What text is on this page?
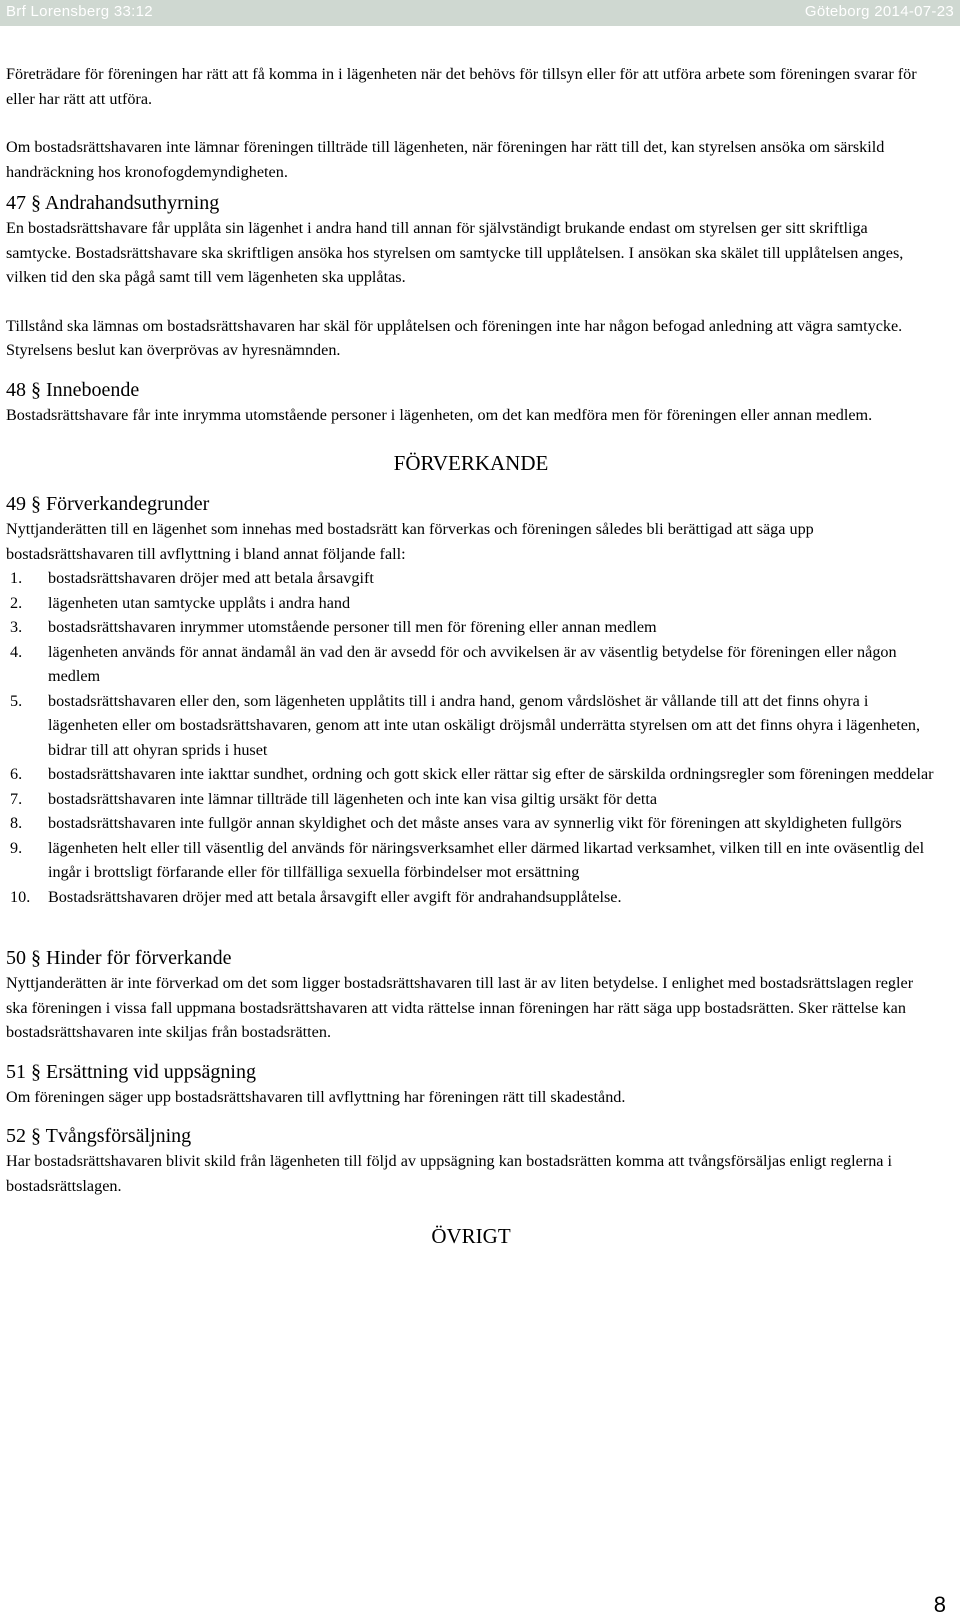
Brf Lorensberg 33:12	Göteborg 2014-07-23

Företrädare för föreningen har rätt att få komma in i lägenheten när det behövs för tillsyn eller för att utföra arbete som föreningen svarar för eller har rätt att utföra.

Om bostadsrättshavaren inte lämnar föreningen tillträde till lägenheten, när föreningen har rätt till det, kan styrelsen ansöka om särskild handräckning hos kronofogdemyndigheten.

47 § Andrahandsuthyrning

En bostadsrättshavare får upplåta sin lägenhet i andra hand till annan för självständigt brukande endast om styrelsen ger sitt skriftliga samtycke. Bostadsrättshavare ska skriftligen ansöka hos styrelsen om samtycke till upplåtelsen. I ansökan ska skälet till upplåtelsen anges, vilken tid den ska pågå samt till vem lägenheten ska upplåtas.

Tillstånd ska lämnas om bostadsrättshavaren har skäl för upplåtelsen och föreningen inte har någon befogad anledning att vägra samtycke. Styrelsens beslut kan överprövas av hyresnämnden.

48 § Inneboende

Bostadsrättshavare får inte inrymma utomstående personer i lägenheten, om det kan medföra men för föreningen eller annan medlem.

FÖRVERKANDE
49 § Förverkandegrunder

Nyttjanderätten till en lägenhet som innehas med bostadsrätt kan förverkas och föreningen således bli berättigad att säga upp bostadsrättshavaren till avflyttning i bland annat följande fall:

1.	bostadsrättshavaren dröjer med att betala årsavgift
2.	lägenheten utan samtycke upplåts i andra hand
3.	bostadsrättshavaren inrymmer utomstående personer till men för förening eller annan medlem
4.	lägenheten används för annat ändamål än vad den är avsedd för och avvikelsen är av väsentlig betydelse för föreningen eller någon medlem
5.	bostadsrättshavaren eller den, som lägenheten upplåtits till i andra hand, genom vårdslöshet är vållande till att det finns ohyra i lägenheten eller om bostadsrättshavaren, genom att inte utan oskäligt dröjsmål underrätta styrelsen om att det finns ohyra i lägenheten, bidrar till att ohyran sprids i huset
6.	bostadsrättshavaren inte iakttar sundhet, ordning och gott skick eller rättar sig efter de särskilda ordningsregler som föreningen meddelar
7.	bostadsrättshavaren inte lämnar tillträde till lägenheten och inte kan visa giltig ursäkt för detta
8.	bostadsrättshavaren inte fullgör annan skyldighet och det måste anses vara av synnerlig vikt för föreningen att skyldigheten fullgörs
9.	lägenheten helt eller till väsentlig del används för näringsverksamhet eller därmed likartad verksamhet, vilken till en inte oväsentlig del ingår i brottsligt förfarande eller för tillfälliga sexuella förbindelser mot ersättning
10.	Bostadsrättshavaren dröjer med att betala årsavgift eller avgift för andrahandsupplåtelse.
50 § Hinder för förverkande

Nyttjanderätten är inte förverkad om det som ligger bostadsrättshavaren till last är av liten betydelse. I enlighet med bostadsrättslagen regler ska föreningen i vissa fall uppmana bostadsrättshavaren att vidta rättelse innan föreningen har rätt säga upp bostadsrätten. Sker rättelse kan bostadsrättshavaren inte skiljas från bostadsrätten.

51 § Ersättning vid uppsägning

Om föreningen säger upp bostadsrättshavaren till avflyttning har föreningen rätt till skadestånd.

52 § Tvångsförsäljning

Har bostadsrättshavaren blivit skild från lägenheten till följd av uppsägning kan bostadsrätten komma att tvångsförsäljas enligt reglerna i bostadsrättslagen.

ÖVRIGT
8
